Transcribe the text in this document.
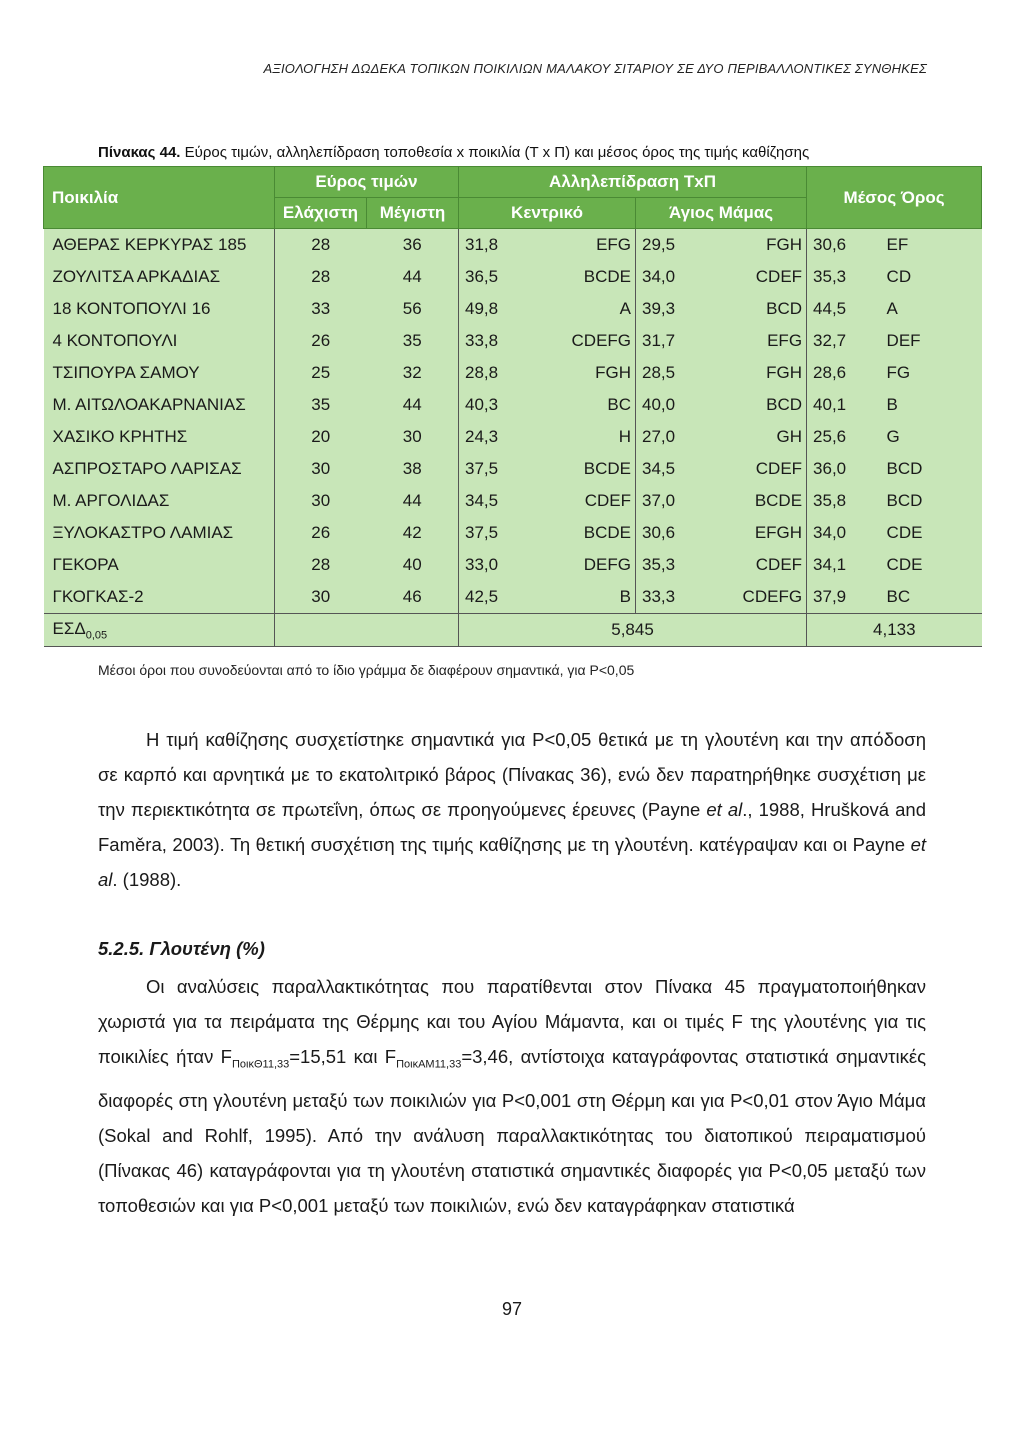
ΑΞΙΟΛΟΓΗΣΗ ΔΩΔΕΚΑ ΤΟΠΙΚΩΝ ΠΟΙΚΙΛΙΩΝ ΜΑΛΑΚΟΥ ΣΙΤΑΡΙΟΥ ΣΕ ΔΥΟ ΠΕΡΙΒΑΛΛΟΝΤΙΚΕΣ ΣΥΝΘΗΚΕΣ
Πίνακας 44. Εύρος τιμών, αλληλεπίδραση τοποθεσία x ποικιλία (Τ x Π) και μέσος όρος της τιμής καθίζησης
Ποικιλία	Εύρος τιμών		Αλληλεπίδραση ΤxΠ				Μέσος Όρος	
	Ελάχιστη	Μέγιστη	Κεντρικό		Άγιος Μάμας			
ΑΘΕΡΑΣ ΚΕΡΚΥΡΑΣ 185	28	36	31,8	EFG	29,5	FGH	30,6	EF
ΖΟΥΛΙΤΣΑ ΑΡΚΑΔΙΑΣ	28	44	36,5	BCDE	34,0	CDEF	35,3	CD
18 ΚΟΝΤΟΠΟΥΛΙ 16	33	56	49,8	A	39,3	BCD	44,5	A
4 ΚΟΝΤΟΠΟΥΛΙ	26	35	33,8	CDEFG	31,7	EFG	32,7	DEF
ΤΣΙΠΟΥΡΑ ΣΑΜΟΥ	25	32	28,8	FGH	28,5	FGH	28,6	FG
Μ. ΑΙΤΩΛΟΑΚΑΡΝΑΝΙΑΣ	35	44	40,3	BC	40,0	BCD	40,1	B
ΧΑΣΙΚΟ ΚΡΗΤΗΣ	20	30	24,3	H	27,0	GH	25,6	G
ΑΣΠΡΟΣΤΑΡΟ ΛΑΡΙΣΑΣ	30	38	37,5	BCDE	34,5	CDEF	36,0	BCD
Μ. ΑΡΓΟΛΙΔΑΣ	30	44	34,5	CDEF	37,0	BCDE	35,8	BCD
ΞΥΛΟΚΑΣΤΡΟ ΛΑΜΙΑΣ	26	42	37,5	BCDE	30,6	EFGH	34,0	CDE
ΓΕΚΟΡΑ	28	40	33,0	DEFG	35,3	CDEF	34,1	CDE
ΓΚΟΓΚΑΣ-2	30	46	42,5	B	33,3	CDEFG	37,9	BC
$E\Sigma\Delta_{0,05}$			5,845				4,133	
Μέσοι όροι που συνοδεύονται από το ίδιο γράμμα δε διαφέρουν σημαντικά, για P<0,05

Η τιμή καθίζησης συσχετίστηκε σημαντικά για P<0,05 θετικά με τη γλουτένη και την απόδοση σε καρπό και αρνητικά με το εκατολιτρικό βάρος (Πίνακας 36), ενώ δεν παρατηρήθηκε συσχέτιση με την περιεκτικότητα σε πρωτεΐνη, όπως σε προηγούμενες έρευνες (Payne et al., 1988, Hrušková and Faměra, 2003). Τη θετική συσχέτιση της τιμής καθίζησης με τη γλουτένη. κατέγραψαν και οι Payne et al. (1988).

5.2.5. Γλουτένη (%)

Οι αναλύσεις παραλλακτικότητας που παρατίθενται στον Πίνακα 45 πραγματοποιήθηκαν χωριστά για τα πειράματα της Θέρμης και του Αγίου Μάμαντα, και οι τιμές F της γλουτένης για τις ποικιλίες ήταν $F_{\Pi o\iota\kappa\Theta 11,33}=15,51$ και $F_{\Pi o\iota\kappa AM11,33}=3,46$, αντίστοιχα καταγράφοντας στατιστικά σημαντικές διαφορές στη γλουτένη μεταξύ των ποικιλιών για P<0,001 στη Θέρμη και για P<0,01 στον Άγιο Μάμα (Sokal and Rohlf, 1995). Από την ανάλυση παραλλακτικότητας του διατοπικού πειραματισμού (Πίνακας 46) καταγράφονται για τη γλουτένη στατιστικά σημαντικές διαφορές για P<0,05 μεταξύ των τοποθεσιών και για P<0,001 μεταξύ των ποικιλιών, ενώ δεν καταγράφηκαν στατιστικά

97
